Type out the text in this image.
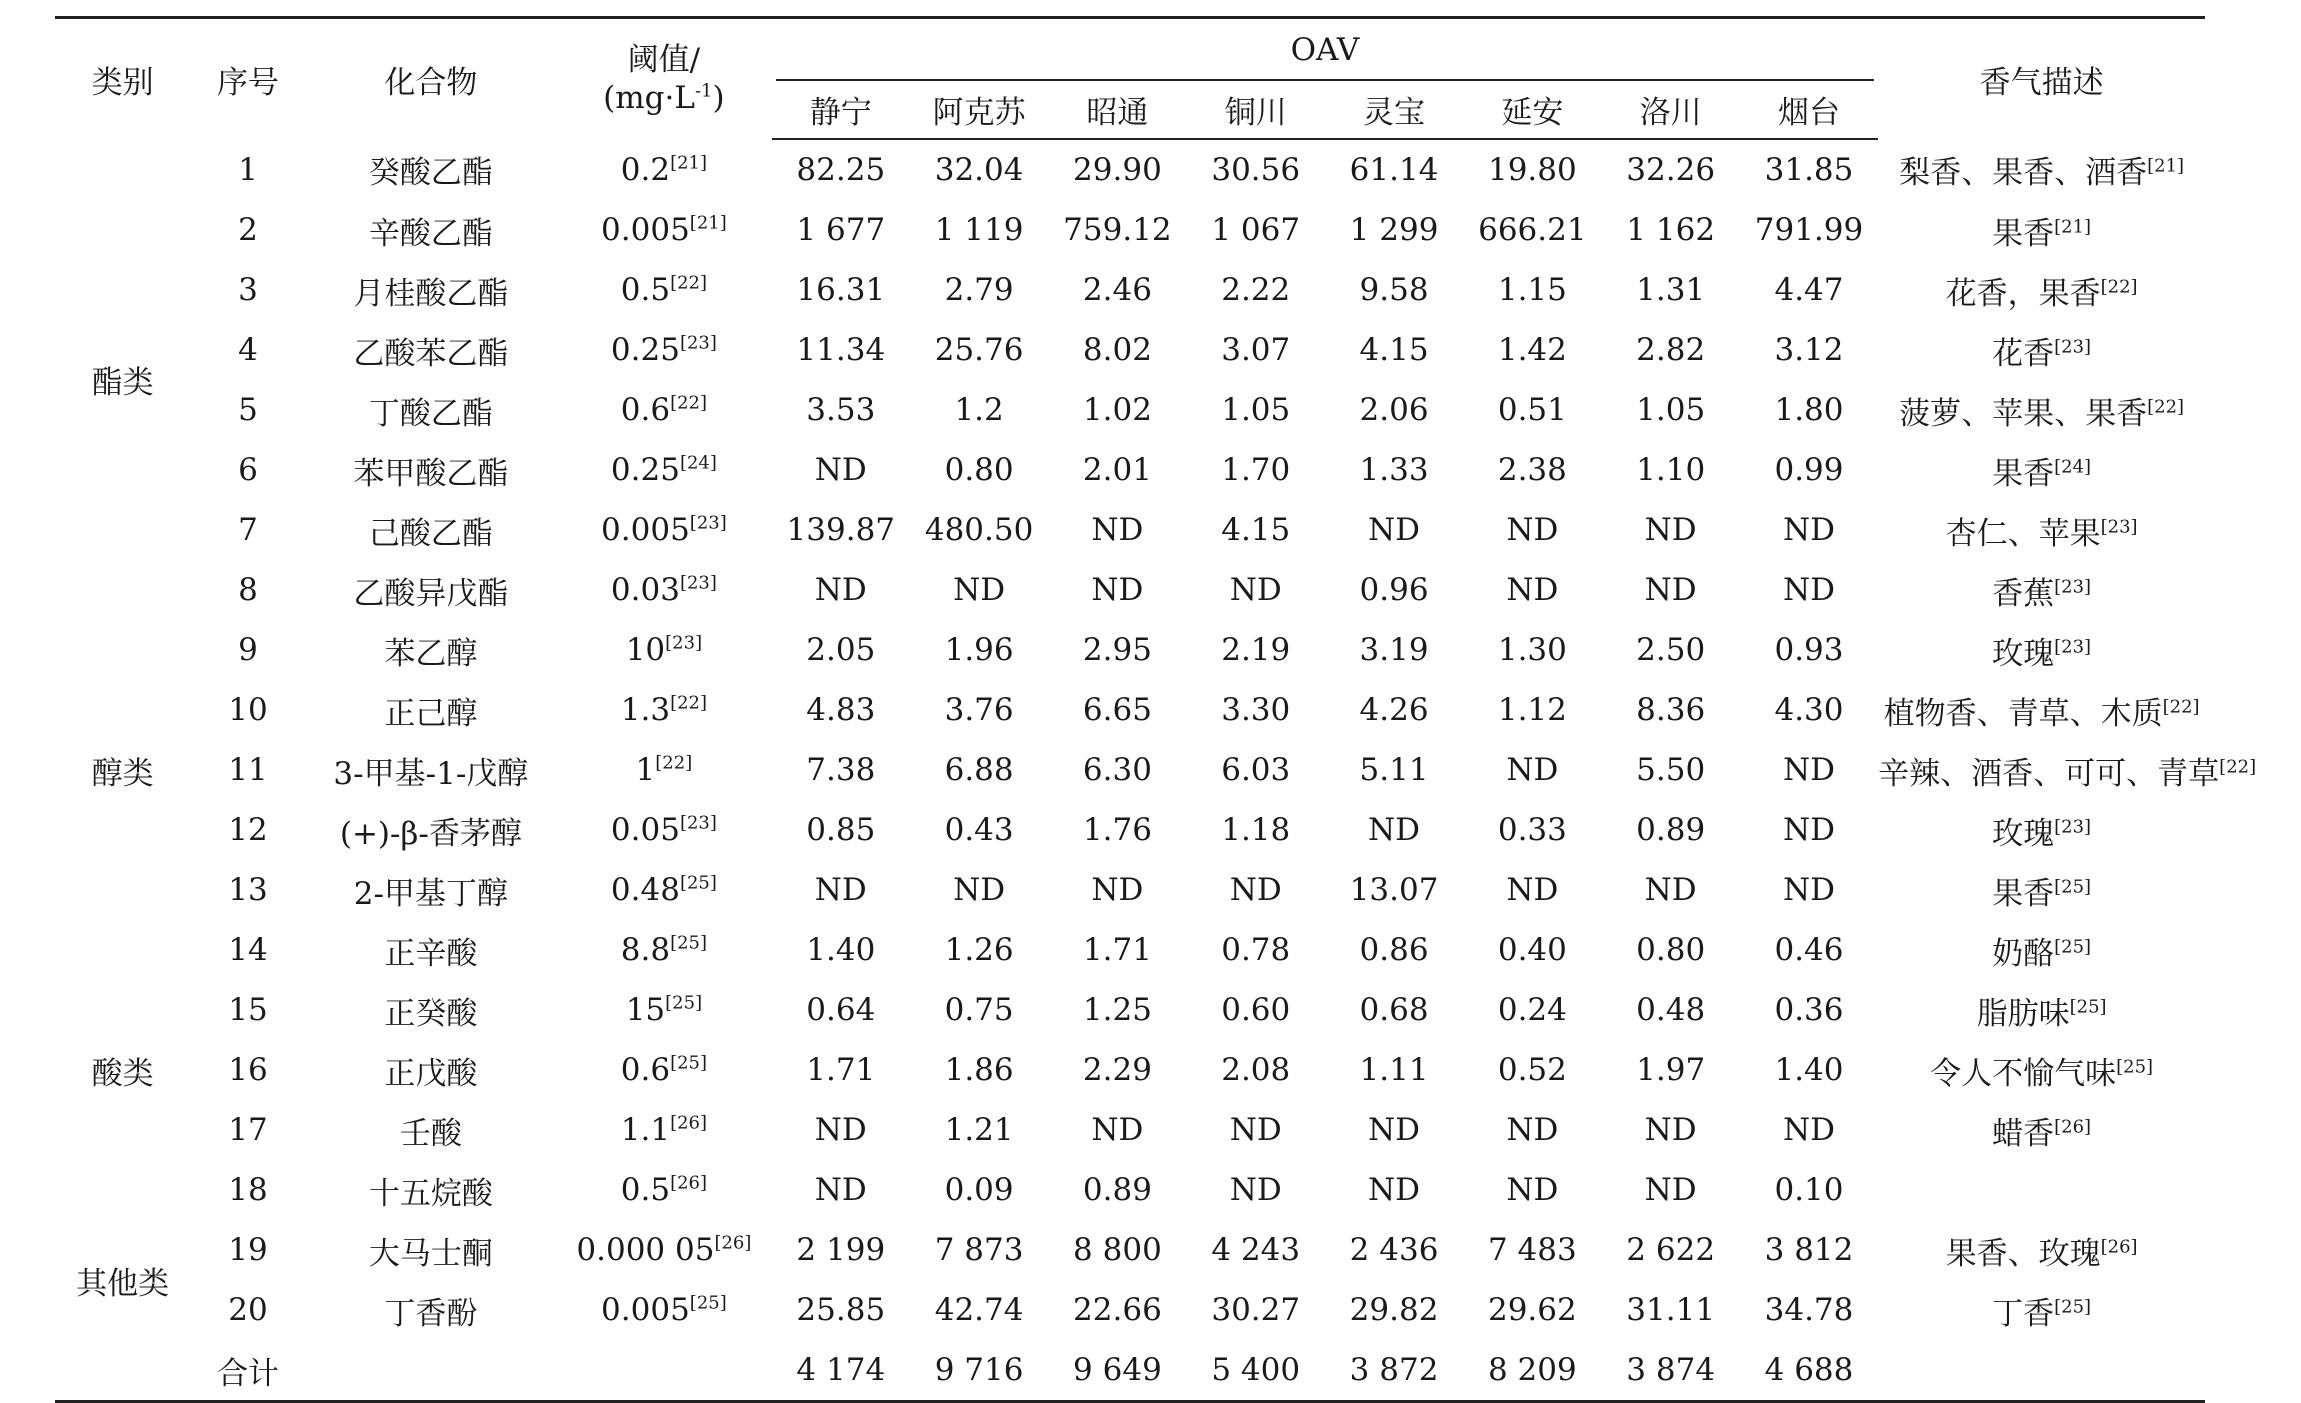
类别	序号	化合物	阈值/
$(mg\cdot L^{-1})$	OAV								香气描述
				静宁	阿克苏	昭通	铜川	灵宝	延安	洛川	烟台	
酯类	1	癸酸乙酯	0.2[21]	82.25	32.04	29.90	30.56	61.14	19.80	32.26	31.85	梨香、果香、酒香[21]
	2	辛酸乙酯	0.005[21]	1 677	1 119	759.12	1 067	1 299	666.21	1 162	791.99	果香[21]
	3	月桂酸乙酯	0.5[22]	16.31	2.79	2.46	2.22	9.58	1.15	1.31	4.47	花香，果香[22]
	4	乙酸苯乙酯	0.25[23]	11.34	25.76	8.02	3.07	4.15	1.42	2.82	3.12	花香[23]
	5	丁酸乙酯	0.6[22]	3.53	1.2	1.02	1.05	2.06	0.51	1.05	1.80	菠萝、苹果、果香[22]
	6	苯甲酸乙酯	0.25[24]	ND	0.80	2.01	1.70	1.33	2.38	1.10	0.99	果香[24]
	7	己酸乙酯	0.005[23]	139.87	480.50	ND	4.15	ND	ND	ND	ND	杏仁、苹果[23]
	8	乙酸异戊酯	0.03[23]	ND	ND	ND	ND	0.96	ND	ND	ND	香蕉[23]
醇类	9	苯乙醇	10[23]	2.05	1.96	2.95	2.19	3.19	1.30	2.50	0.93	玫瑰[23]
	10	正己醇	1.3[22]	4.83	3.76	6.65	3.30	4.26	1.12	8.36	4.30	植物香、青草、木质[22]
	11	3-甲基-1-戊醇	1[22]	7.38	6.88	6.30	6.03	5.11	ND	5.50	ND	辛辣、酒香、可可、青草[22]
	12	(+)-β-香茅醇	0.05[23]	0.85	0.43	1.76	1.18	ND	0.33	0.89	ND	玫瑰[23]
	13	2-甲基丁醇	0.48[25]	ND	ND	ND	ND	13.07	ND	ND	ND	果香[25]
酸类	14	正辛酸	8.8[25]	1.40	1.26	1.71	0.78	0.86	0.40	0.80	0.46	奶酪[25]
	15	正癸酸	15[25]	0.64	0.75	1.25	0.60	0.68	0.24	0.48	0.36	脂肪味[25]
	16	正戊酸	0.6[25]	1.71	1.86	2.29	2.08	1.11	0.52	1.97	1.40	令人不愉气味[25]
	17	壬酸	1.1[26]	ND	1.21	ND	ND	ND	ND	ND	ND	蜡香[26]
	18	十五烷酸	0.5[26]	ND	0.09	0.89	ND	ND	ND	ND	0.10	
其他类	19	大马士酮	0.000 05[26]	2 199	7 873	8 800	4 243	2 436	7 483	2 622	3 812	果香、玫瑰[26]
	20	丁香酚	0.005[25]	25.85	42.74	22.66	30.27	29.82	29.62	31.11	34.78	丁香[25]
	合计			4 174	9 716	9 649	5 400	3 872	8 209	3 874	4 688	
